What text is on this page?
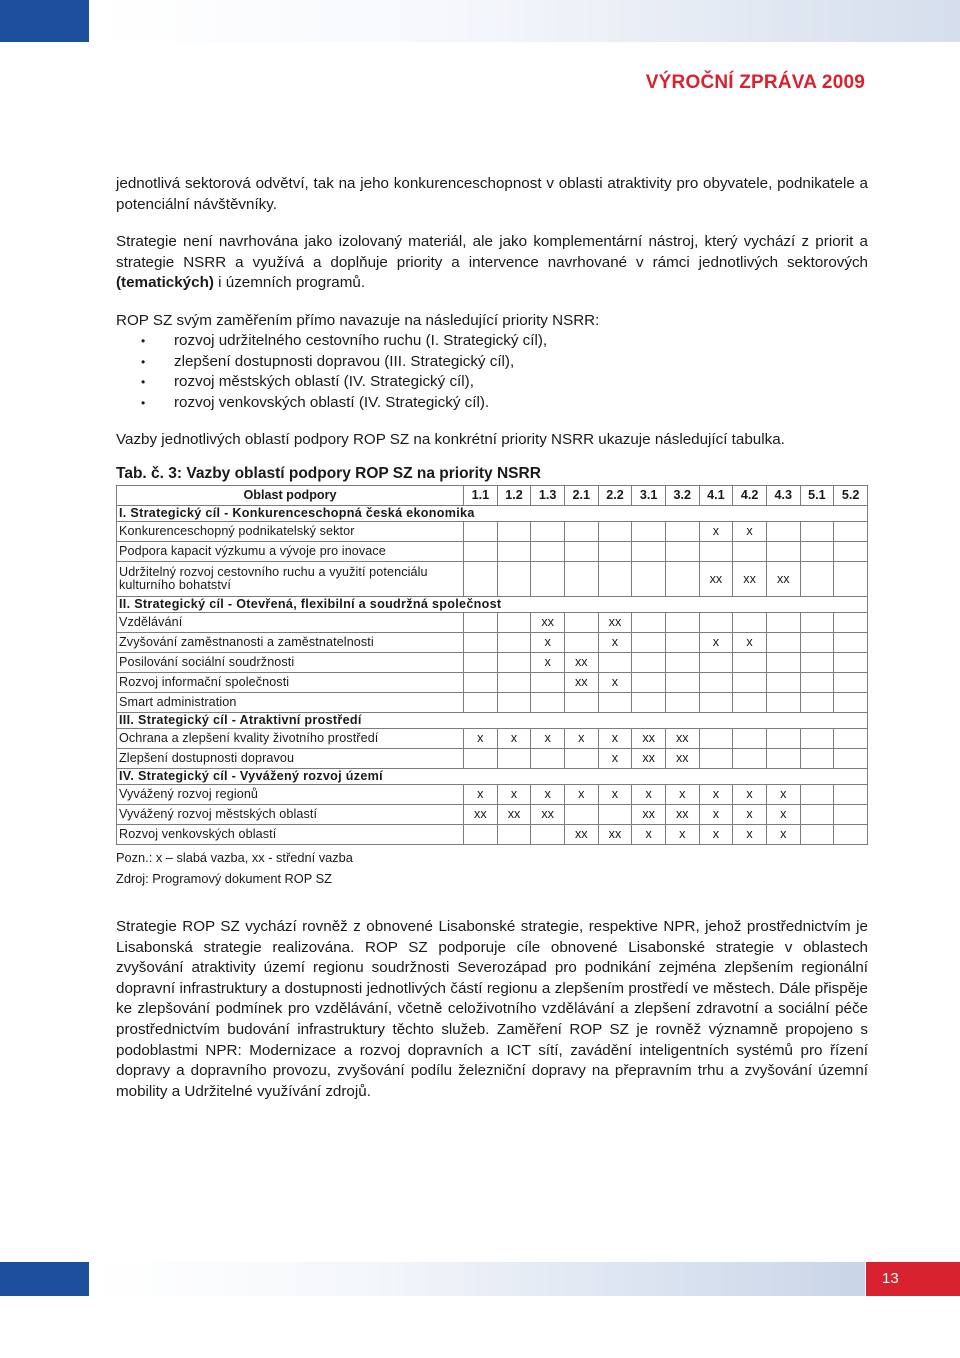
VÝROČNÍ ZPRÁVA 2009

jednotlivá sektorová odvětví, tak na jeho konkurenceschopnost v oblasti atraktivity pro obyvatele, podnikatele a potenciální návštěvníky.

Strategie není navrhována jako izolovaný materiál, ale jako komplementární nástroj, který vychází z priorit a strategie NSRR a využívá a doplňuje priority a intervence navrhované v rámci jednotlivých sektorových (tematických) i územních programů.

ROP SZ svým zaměřením přímo navazuje na následující priority NSRR:

• rozvoj udržitelného cestovního ruchu (I. Strategický cíl),
• zlepšení dostupnosti dopravou (III. Strategický cíl),
• rozvoj městských oblastí (IV. Strategický cíl),
• rozvoj venkovských oblastí (IV. Strategický cíl).

Vazby jednotlivých oblastí podpory ROP SZ na konkrétní priority NSRR ukazuje následující tabulka.

Tab. č. 3: Vazby oblastí podpory ROP SZ na priority NSRR
Oblast podpory	1.1	1.2	1.3	2.1	2.2	3.1	3.2	4.1	4.2	4.3	5.1	5.2
I. Strategický cíl - Konkurenceschopná česká ekonomika												
Konkurenceschopný podnikatelský sektor								x	x			
Podpora kapacit výzkumu a vývoje pro inovace												
Udržitelný rozvoj cestovního ruchu a využití potenciálu kulturního bohatství								xx	xx	xx		
II. Strategický cíl - Otevřená, flexibilní a soudržná společnost												
Vzdělávání			xx		xx							
Zvyšování zaměstnanosti a zaměstnatelnosti			x		x			x	x			
Posilování sociální soudržnosti			x	xx								
Rozvoj informační společnosti				xx	x							
Smart administration												
III. Strategický cíl - Atraktivní prostředí												
Ochrana a zlepšení kvality životního prostředí	x	x	x	x	x	xx	xx					
Zlepšení dostupnosti dopravou					x	xx	xx					
IV. Strategický cíl - Vyvážený rozvoj území												
Vyvážený rozvoj regionů	x	x	x	x	x	x	x	x	x	x		
Vyvážený rozvoj městských oblastí	xx	xx	xx			xx	xx	x	x	x		
Rozvoj venkovských oblastí				xx	xx	x	x	x	x	x		
Pozn.: x – slabá vazba, xx - střední vazba
Zdroj: Programový dokument ROP SZ

Strategie ROP SZ vychází rovněž z obnovené Lisabonské strategie, respektive NPR, jehož prostřednictvím je Lisabonská strategie realizována. ROP SZ podporuje cíle obnovené Lisabonské strategie v oblastech zvyšování atraktivity území regionu soudržnosti Severozápad pro podnikání zejména zlepšením regionální dopravní infrastruktury a dostupnosti jednotlivých částí regionu a zlepšením prostředí ve městech. Dále přispěje ke zlepšování podmínek pro vzdělávání, včetně celoživotního vzdělávání a zlepšení zdravotní a sociální péče prostřednictvím budování infrastruktury těchto služeb. Zaměření ROP SZ je rovněž významně propojeno s podoblastmi NPR: Modernizace a rozvoj dopravních a ICT sítí, zavádění inteligentních systémů pro řízení dopravy a dopravního provozu, zvyšování podílu železniční dopravy na přepravním trhu a zvyšování územní mobility a Udržitelné využívání zdrojů.

13
